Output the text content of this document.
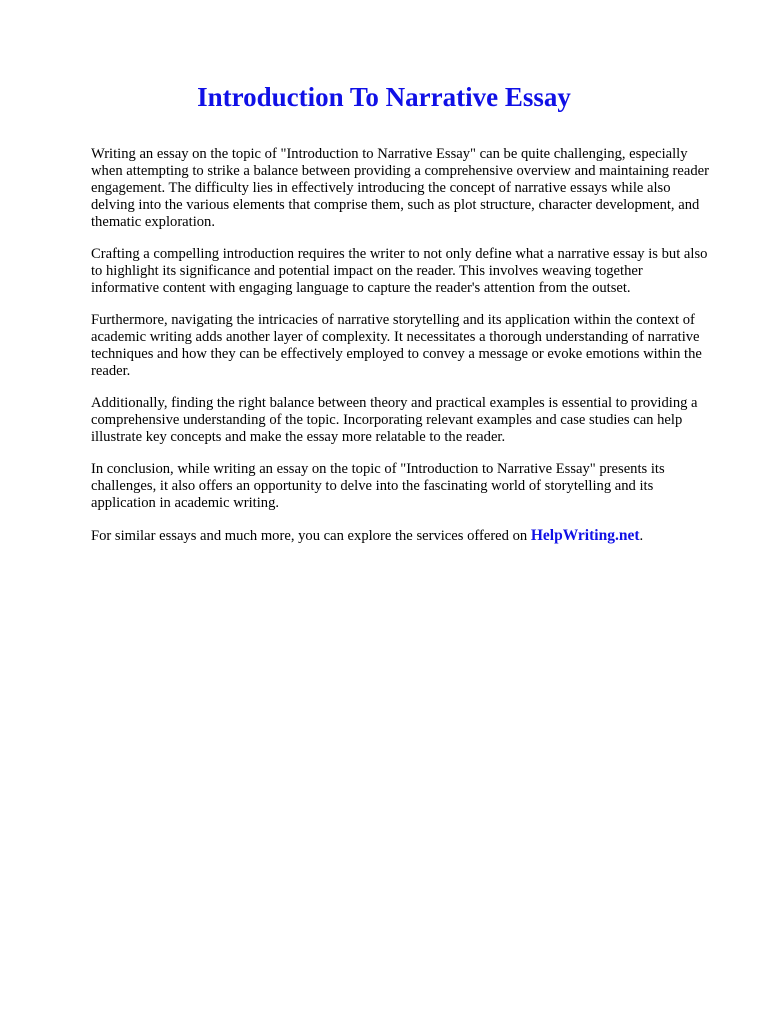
Introduction To Narrative Essay

Writing an essay on the topic of "Introduction to Narrative Essay" can be quite challenging, especially when attempting to strike a balance between providing a comprehensive overview and maintaining reader engagement. The difficulty lies in effectively introducing the concept of narrative essays while also delving into the various elements that comprise them, such as plot structure, character development, and thematic exploration.

Crafting a compelling introduction requires the writer to not only define what a narrative essay is but also to highlight its significance and potential impact on the reader. This involves weaving together informative content with engaging language to capture the reader's attention from the outset.

Furthermore, navigating the intricacies of narrative storytelling and its application within the context of academic writing adds another layer of complexity. It necessitates a thorough understanding of narrative techniques and how they can be effectively employed to convey a message or evoke emotions within the reader.

Additionally, finding the right balance between theory and practical examples is essential to providing a comprehensive understanding of the topic. Incorporating relevant examples and case studies can help illustrate key concepts and make the essay more relatable to the reader.

In conclusion, while writing an essay on the topic of "Introduction to Narrative Essay" presents its challenges, it also offers an opportunity to delve into the fascinating world of storytelling and its application in academic writing.

For similar essays and much more, you can explore the services offered on HelpWriting.net.
